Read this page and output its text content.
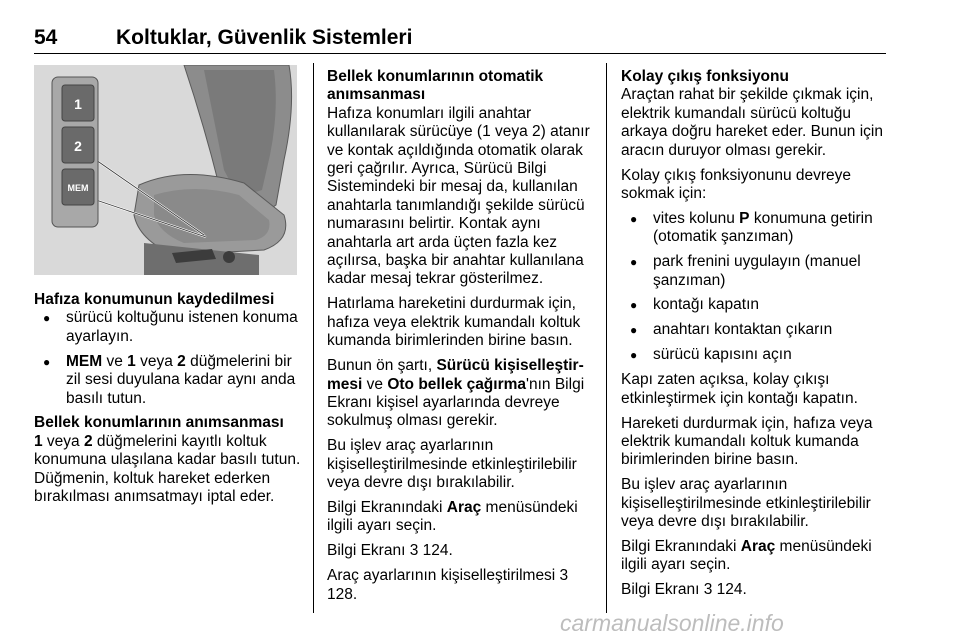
54	Koltuklar, Güvenlik Sistemleri
1
2
MEM

Hafıza konumunun kaydedilmesi

● sürücü koltuğunu istenen konuma ayarlayın.
● MEM ve 1 veya 2 düğmelerini bir zil sesi duyulana kadar aynı anda basılı tutun.

Bellek konumlarının anımsanması

1 veya 2 düğmelerini kayıtlı koltuk konumuna ulaşılana kadar basılı tutun. Düğmenin, koltuk hareket ederken bırakılması anımsatmayı iptal eder.

Bellek konumlarının otomatik anımsanması

Hafıza konumları ilgili anahtar kullanılarak sürücüye (1 veya 2) atanır ve kontak açıldığında otomatik olarak geri çağrılır. Ayrıca, Sürücü Bilgi Sistemindeki bir mesaj da, kullanılan anahtarla tanımlandığı şekilde sürücü numarasını belirtir. Kontak aynı anahtarla art arda üçten fazla kez açılırsa, başka bir anahtar kullanılana kadar mesaj tekrar gösterilmez.

Hatırlama hareketini durdurmak için, hafıza veya elektrik kumandalı koltuk kumanda birimlerinden birine basın.

Bunun ön şartı, Sürücü kişiselleştir-mesi ve Oto bellek çağırma'nın Bilgi Ekranı kişisel ayarlarında devreye sokulmuş olması gerekir.

Bu işlev araç ayarlarının kişiselleştirilmesinde etkinleştirilebilir veya devre dışı bırakılabilir.

Bilgi Ekranındaki Araç menüsündeki ilgili ayarı seçin.

Bilgi Ekranı 3 124.

Araç ayarlarının kişiselleştirilmesi 3 128.

Kolay çıkış fonksiyonu

Araçtan rahat bir şekilde çıkmak için, elektrik kumandalı sürücü koltuğu arkaya doğru hareket eder. Bunun için aracın duruyor olması gerekir.

Kolay çıkış fonksiyonunu devreye sokmak için:

● vites kolunu P konumuna getirin (otomatik şanzıman)
● park frenini uygulayın (manuel şanzıman)
● kontağı kapatın
● anahtarı kontaktan çıkarın
● sürücü kapısını açın

Kapı zaten açıksa, kolay çıkışı etkinleştirmek için kontağı kapatın.

Hareketi durdurmak için, hafıza veya elektrik kumandalı koltuk kumanda birimlerinden birine basın.

Bu işlev araç ayarlarının kişiselleştirilmesinde etkinleştirilebilir veya devre dışı bırakılabilir.

Bilgi Ekranındaki Araç menüsündeki ilgili ayarı seçin.

Bilgi Ekranı 3 124.

carmanualsonline.info
